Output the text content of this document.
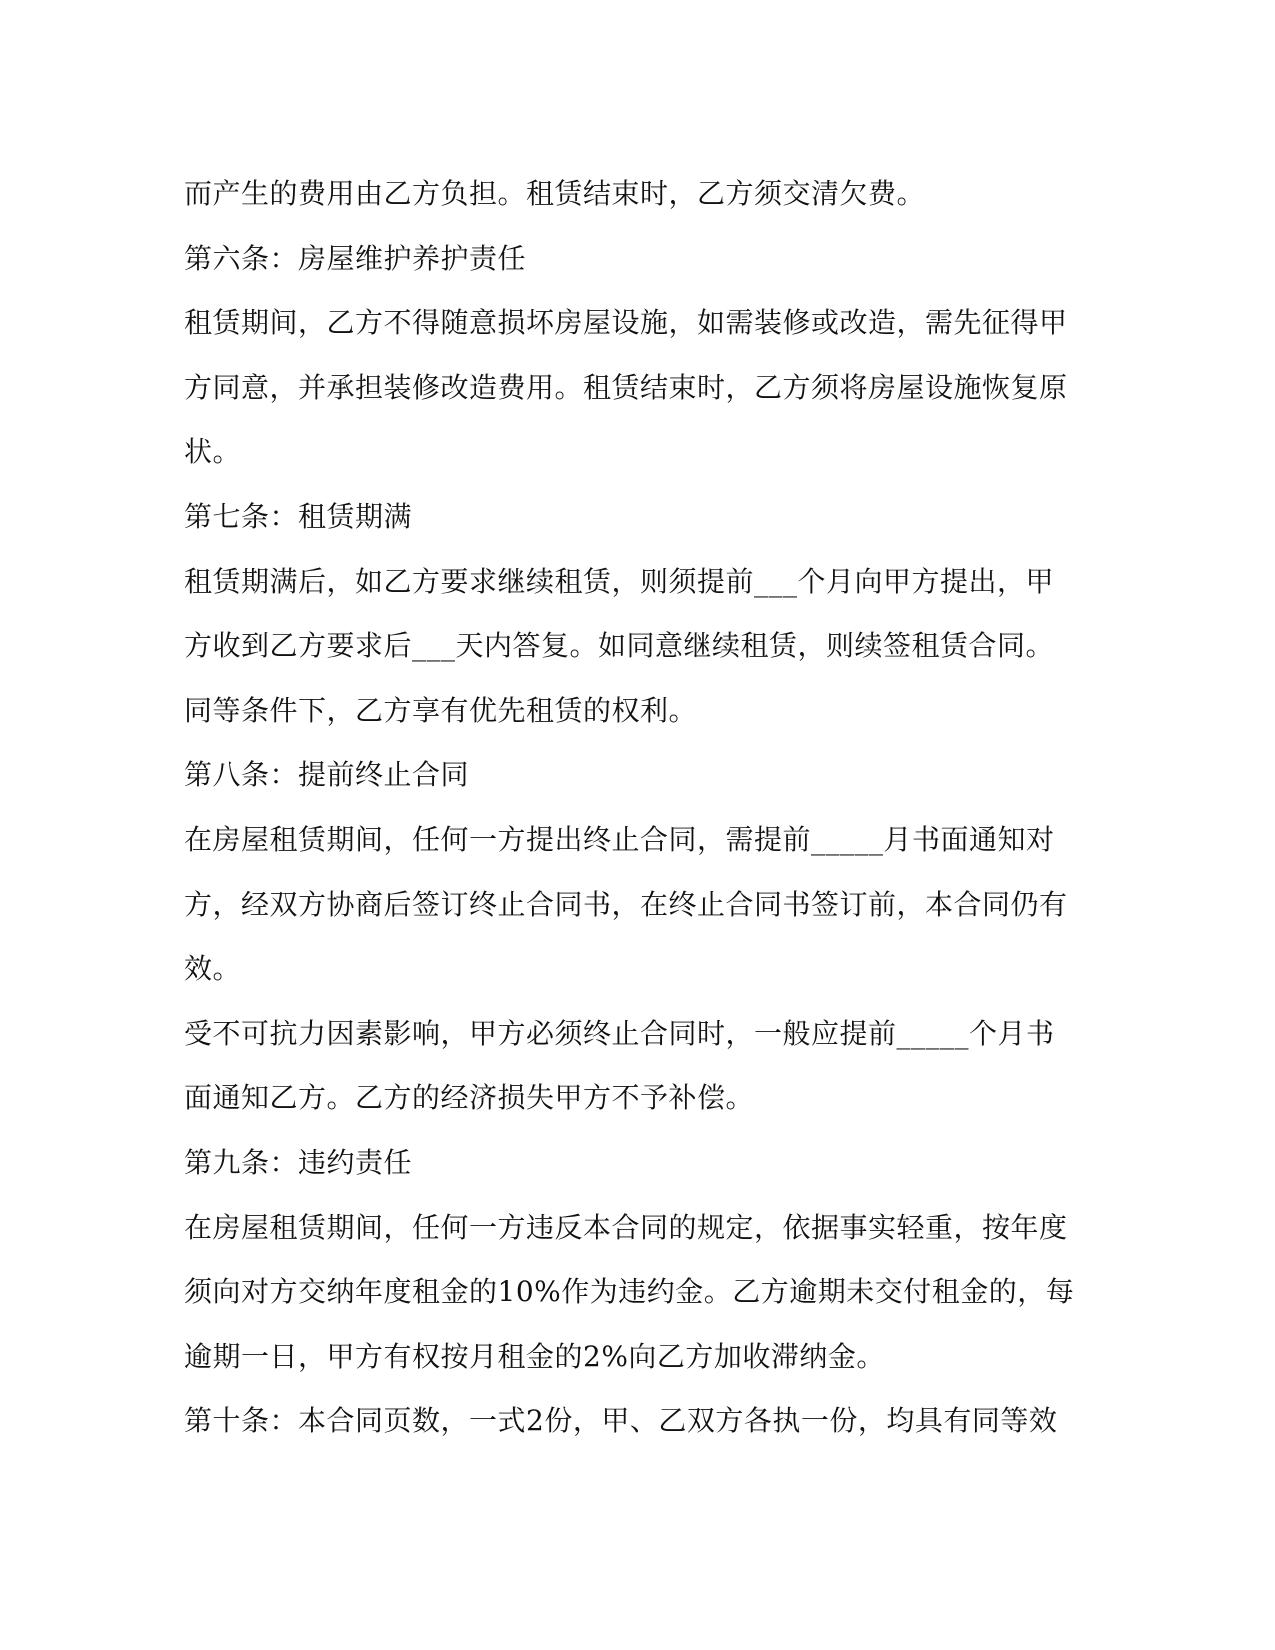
而产生的费用由乙方负担。租赁结束时，乙方须交清欠费。
第六条：房屋维护养护责任
租赁期间，乙方不得随意损坏房屋设施，如需装修或改造，需先征得甲
方同意，并承担装修改造费用。租赁结束时，乙方须将房屋设施恢复原
状。
第七条：租赁期满
租赁期满后，如乙方要求继续租赁，则须提前___个月向甲方提出，甲
方收到乙方要求后___天内答复。如同意继续租赁，则续签租赁合同。
同等条件下，乙方享有优先租赁的权利。
第八条：提前终止合同
在房屋租赁期间，任何一方提出终止合同，需提前_____月书面通知对
方，经双方协商后签订终止合同书，在终止合同书签订前，本合同仍有
效。
受不可抗力因素影响，甲方必须终止合同时，一般应提前_____个月书
面通知乙方。乙方的经济损失甲方不予补偿。
第九条：违约责任
在房屋租赁期间，任何一方违反本合同的规定，依据事实轻重，按年度
须向对方交纳年度租金的10%作为违约金。乙方逾期未交付租金的，每
逾期一日，甲方有权按月租金的2%向乙方加收滞纳金。
第十条：本合同页数，一式2份，甲、乙双方各执一份，均具有同等效
